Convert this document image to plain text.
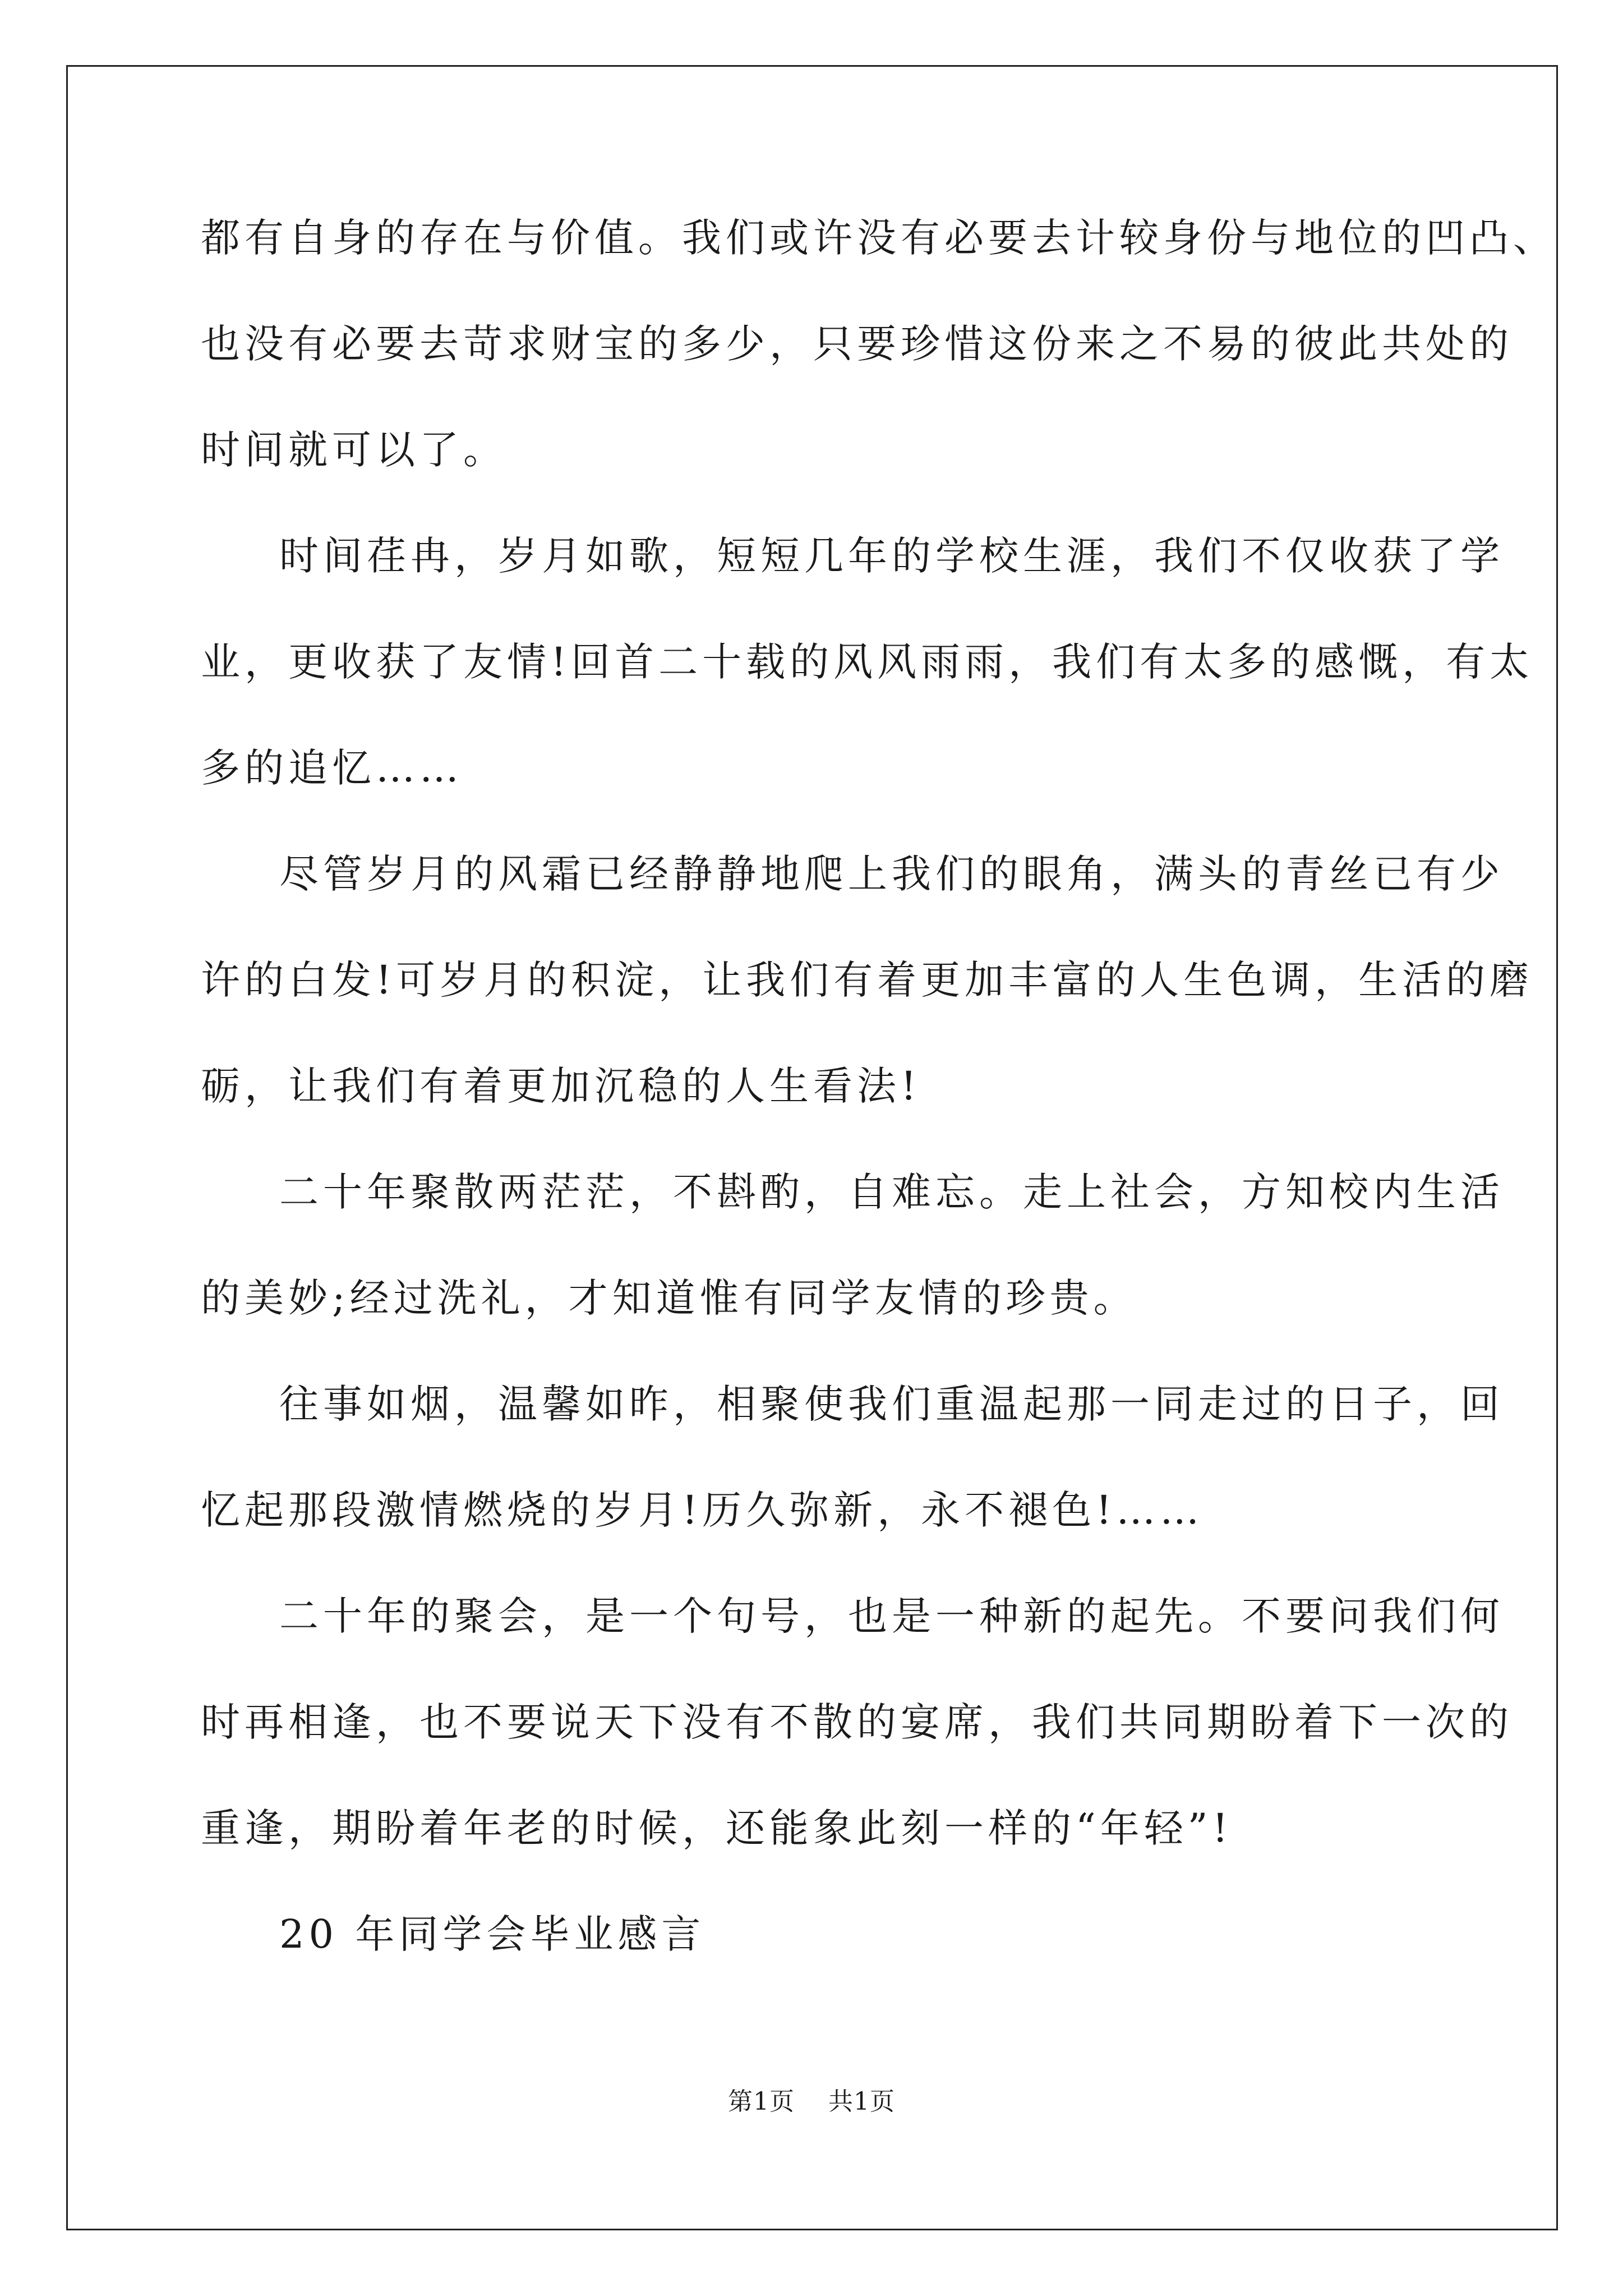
都有自身的存在与价值。我们或许没有必要去计较身份与地位的凹凸、
也没有必要去苛求财宝的多少，只要珍惜这份来之不易的彼此共处的
时间就可以了。
时间荏冉，岁月如歌，短短几年的学校生涯，我们不仅收获了学
业，更收获了友情!回首二十载的风风雨雨，我们有太多的感慨，有太
多的追忆……
尽管岁月的风霜已经静静地爬上我们的眼角，满头的青丝已有少
许的白发!可岁月的积淀，让我们有着更加丰富的人生色调，生活的磨
砺，让我们有着更加沉稳的人生看法!
二十年聚散两茫茫，不斟酌，自难忘。走上社会，方知校内生活
的美妙;经过洗礼，才知道惟有同学友情的珍贵。
往事如烟，温馨如昨，相聚使我们重温起那一同走过的日子，回
忆起那段激情燃烧的岁月!历久弥新，永不褪色!……
二十年的聚会，是一个句号，也是一种新的起先。不要问我们何
时再相逢，也不要说天下没有不散的宴席，我们共同期盼着下一次的
重逢，期盼着年老的时候，还能象此刻一样的“年轻”!
20 年同学会毕业感言
第1页 共1页
